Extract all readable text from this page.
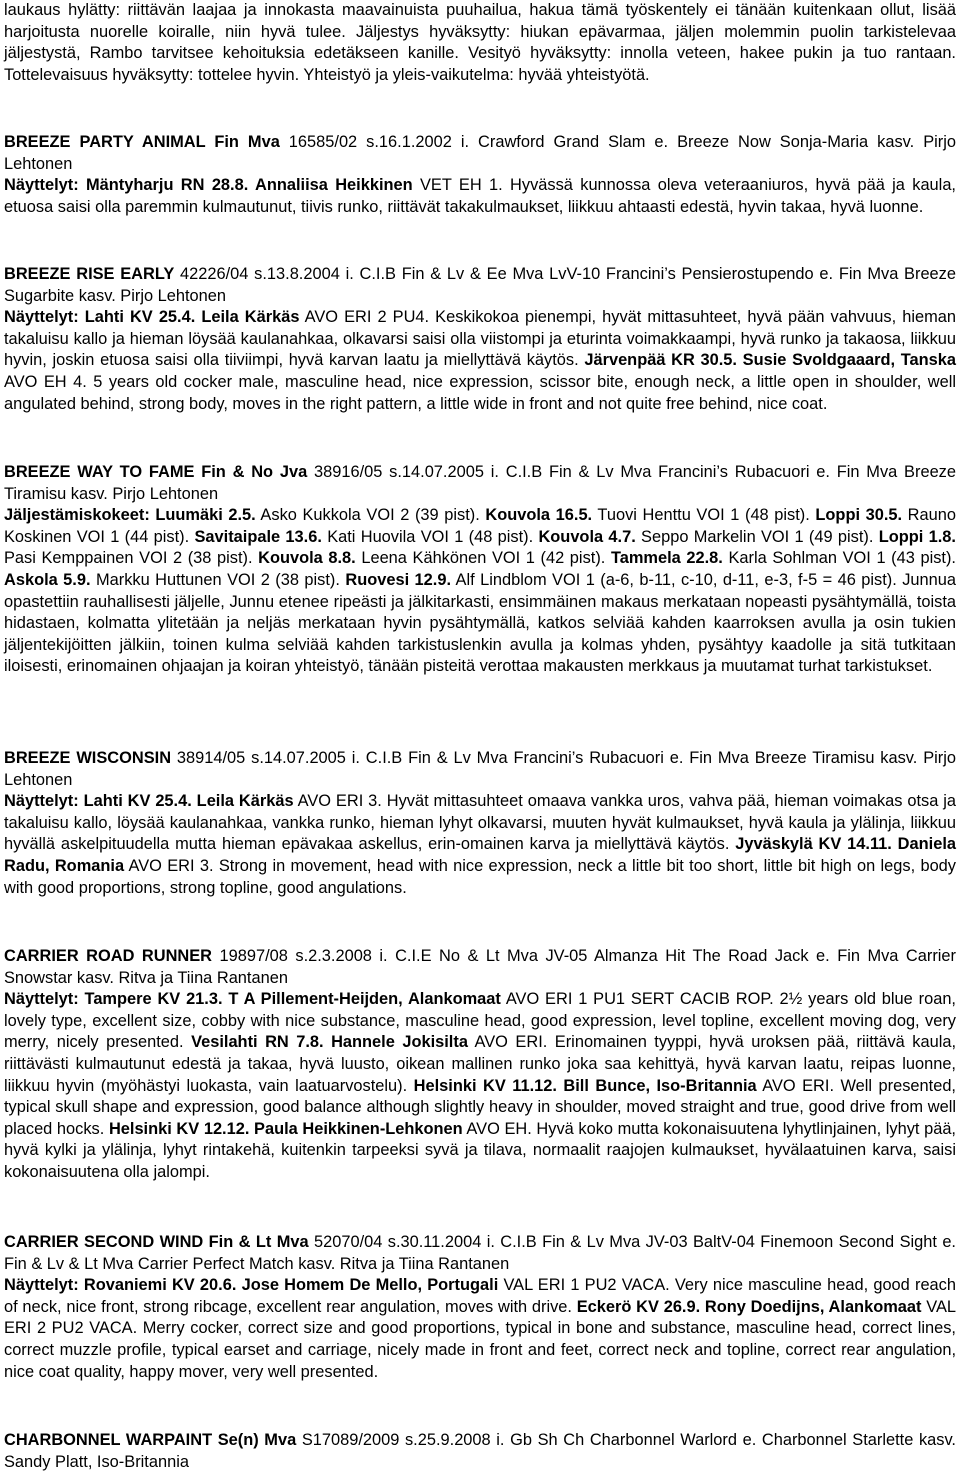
laukaus hylätty: riittävän laajaa ja innokasta maavainuista puuhailua, hakua tämä työskentely ei tänään kuitenkaan ollut, lisää harjoitusta nuorelle koiralle, niin hyvä tulee. Jäljestys hyväksytty: hiukan epävarmaa, jäljen molemmin puolin tarkistelevaa jäljestystä, Rambo tarvitsee kehoituksia edetäkseen kanille. Vesityö hyväksytty: innolla veteen, hakee pukin ja tuo rantaan. Tottelevaisuus hyväksytty: tottelee hyvin. Yhteistyö ja yleis-vaikutelma: hyvää yhteistyötä.

BREEZE PARTY ANIMAL Fin Mva 16585/02 s.16.1.2002 i. Crawford Grand Slam e. Breeze Now Sonja-Maria kasv. Pirjo Lehtonen
Näyttelyt: Mäntyharju RN 28.8. Annaliisa Heikkinen VET EH 1. Hyvässä kunnossa oleva veteraaniuros, hyvä pää ja kaula, etuosa saisi olla paremmin kulmautunut, tiivis runko, riittävät takakulmaukset, liikkuu ahtaasti edestä, hyvin takaa, hyvä luonne.

BREEZE RISE EARLY 42226/04 s.13.8.2004 i. C.I.B Fin & Lv & Ee Mva LvV-10 Francini’s Pensierostupendo e. Fin Mva Breeze Sugarbite kasv. Pirjo Lehtonen
Näyttelyt: Lahti KV 25.4. Leila Kärkäs AVO ERI 2 PU4. Keskikokoa pienempi, hyvät mittasuhteet, hyvä pään vahvuus, hieman takaluisu kallo ja hieman löysää kaulanahkaa, olkavarsi saisi olla viistompi ja eturinta voimakkaampi, hyvä runko ja takaosa, liikkuu hyvin, joskin etuosa saisi olla tiiviimpi, hyvä karvan laatu ja miellyttävä käytös. Järvenpää KR 30.5. Susie Svoldgaaard, Tanska AVO EH 4. 5 years old cocker male, masculine head, nice expression, scissor bite, enough neck, a little open in shoulder, well angulated behind, strong body, moves in the right pattern, a little wide in front and not quite free behind, nice coat.

BREEZE WAY TO FAME Fin & No Jva 38916/05 s.14.07.2005 i. C.I.B Fin & Lv Mva Francini’s Rubacuori e. Fin Mva Breeze Tiramisu kasv. Pirjo Lehtonen
Jäljestämiskokeet: Luumäki 2.5. Asko Kukkola VOI 2 (39 pist). Kouvola 16.5. Tuovi Henttu VOI 1 (48 pist). Loppi 30.5. Rauno Koskinen VOI 1 (44 pist). Savitaipale 13.6. Kati Huovila VOI 1 (48 pist). Kouvola 4.7. Seppo Markelin VOI 1 (49 pist). Loppi 1.8. Pasi Kemppainen VOI 2 (38 pist). Kouvola 8.8. Leena Kähkönen VOI 1 (42 pist). Tammela 22.8. Karla Sohlman VOI 1 (43 pist). Askola 5.9. Markku Huttunen VOI 2 (38 pist). Ruovesi 12.9. Alf Lindblom VOI 1 (a-6, b-11, c-10, d-11, e-3, f-5 = 46 pist). Junnua opastettiin rauhallisesti jäljelle, Junnu etenee ripeästi ja jälkitarkasti, ensimmäinen makaus merkataan nopeasti pysähtymällä, toista hidastaen, kolmatta ylitetään ja neljäs merkataan hyvin pysähtymällä, katkos selviää kahden kaarroksen avulla ja osin tukien jäljentekijöitten jälkiin, toinen kulma selviää kahden tarkistuslenkin avulla ja kolmas yhden, pysähtyy kaadolle ja sitä tutkitaan iloisesti, erinomainen ohjaajan ja koiran yhteistyö, tänään pisteitä verottaa makausten merkkaus ja muutamat turhat tarkistukset.

BREEZE WISCONSIN 38914/05 s.14.07.2005 i. C.I.B Fin & Lv Mva Francini’s Rubacuori e. Fin Mva Breeze Tiramisu kasv. Pirjo Lehtonen
Näyttelyt: Lahti KV 25.4. Leila Kärkäs AVO ERI 3. Hyvät mittasuhteet omaava vankka uros, vahva pää, hieman voimakas otsa ja takaluisu kallo, löysää kaulanahkaa, vankka runko, hieman lyhyt olkavarsi, muuten hyvät kulmaukset, hyvä kaula ja ylälinja, liikkuu hyvällä askelpituudella mutta hieman epävakaa askellus, erin-omainen karva ja miellyttävä käytös. Jyväskylä KV 14.11. Daniela Radu, Romania AVO ERI 3. Strong in movement, head with nice expression, neck a little bit too short, little bit high on legs, body with good proportions, strong topline, good angulations.

CARRIER ROAD RUNNER 19897/08 s.2.3.2008 i. C.I.E No & Lt Mva JV-05 Almanza Hit The Road Jack e. Fin Mva Carrier Snowstar kasv. Ritva ja Tiina Rantanen
Näyttelyt: Tampere KV 21.3. T A Pillement-Heijden, Alankomaat AVO ERI 1 PU1 SERT CACIB ROP. 2½ years old blue roan, lovely type, excellent size, cobby with nice substance, masculine head, good expression, level topline, excellent moving dog, very merry, nicely presented. Vesilahti RN 7.8. Hannele Jokisilta AVO ERI. Erinomainen tyyppi, hyvä uroksen pää, riittävä kaula, riittävästi kulmautunut edestä ja takaa, hyvä luusto, oikean mallinen runko joka saa kehittyä, hyvä karvan laatu, reipas luonne, liikkuu hyvin (myöhästyi luokasta, vain laatuarvostelu). Helsinki KV 11.12. Bill Bunce, Iso-Britannia AVO ERI. Well presented, typical skull shape and expression, good balance although slightly heavy in shoulder, moved straight and true, good drive from well placed hocks. Helsinki KV 12.12. Paula Heikkinen-Lehkonen AVO EH. Hyvä koko mutta kokonaisuutena lyhytlinjainen, lyhyt pää, hyvä kylki ja ylälinja, lyhyt rintakehä, kuitenkin tarpeeksi syvä ja tilava, normaalit raajojen kulmaukset, hyvälaatuinen karva, saisi kokonaisuutena olla jalompi.

CARRIER SECOND WIND Fin & Lt Mva 52070/04 s.30.11.2004 i. C.I.B Fin & Lv Mva JV-03 BaltV-04 Finemoon Second Sight e. Fin & Lv & Lt Mva Carrier Perfect Match kasv. Ritva ja Tiina Rantanen
Näyttelyt: Rovaniemi KV 20.6. Jose Homem De Mello, Portugali VAL ERI 1 PU2 VACA. Very nice masculine head, good reach of neck, nice front, strong ribcage, excellent rear angulation, moves with drive. Eckerö KV 26.9. Rony Doedijns, Alankomaat VAL ERI 2 PU2 VACA. Merry cocker, correct size and good proportions, typical in bone and substance, masculine head, correct lines, correct muzzle profile, typical earset and carriage, nicely made in front and feet, correct neck and topline, correct rear angulation, nice coat quality, happy mover, very well presented.

CHARBONNEL WARPAINT Se(n) Mva S17089/2009 s.25.9.2008 i. Gb Sh Ch Charbonnel Warlord e. Charbonnel Starlette kasv. Sandy Platt, Iso-Britannia
